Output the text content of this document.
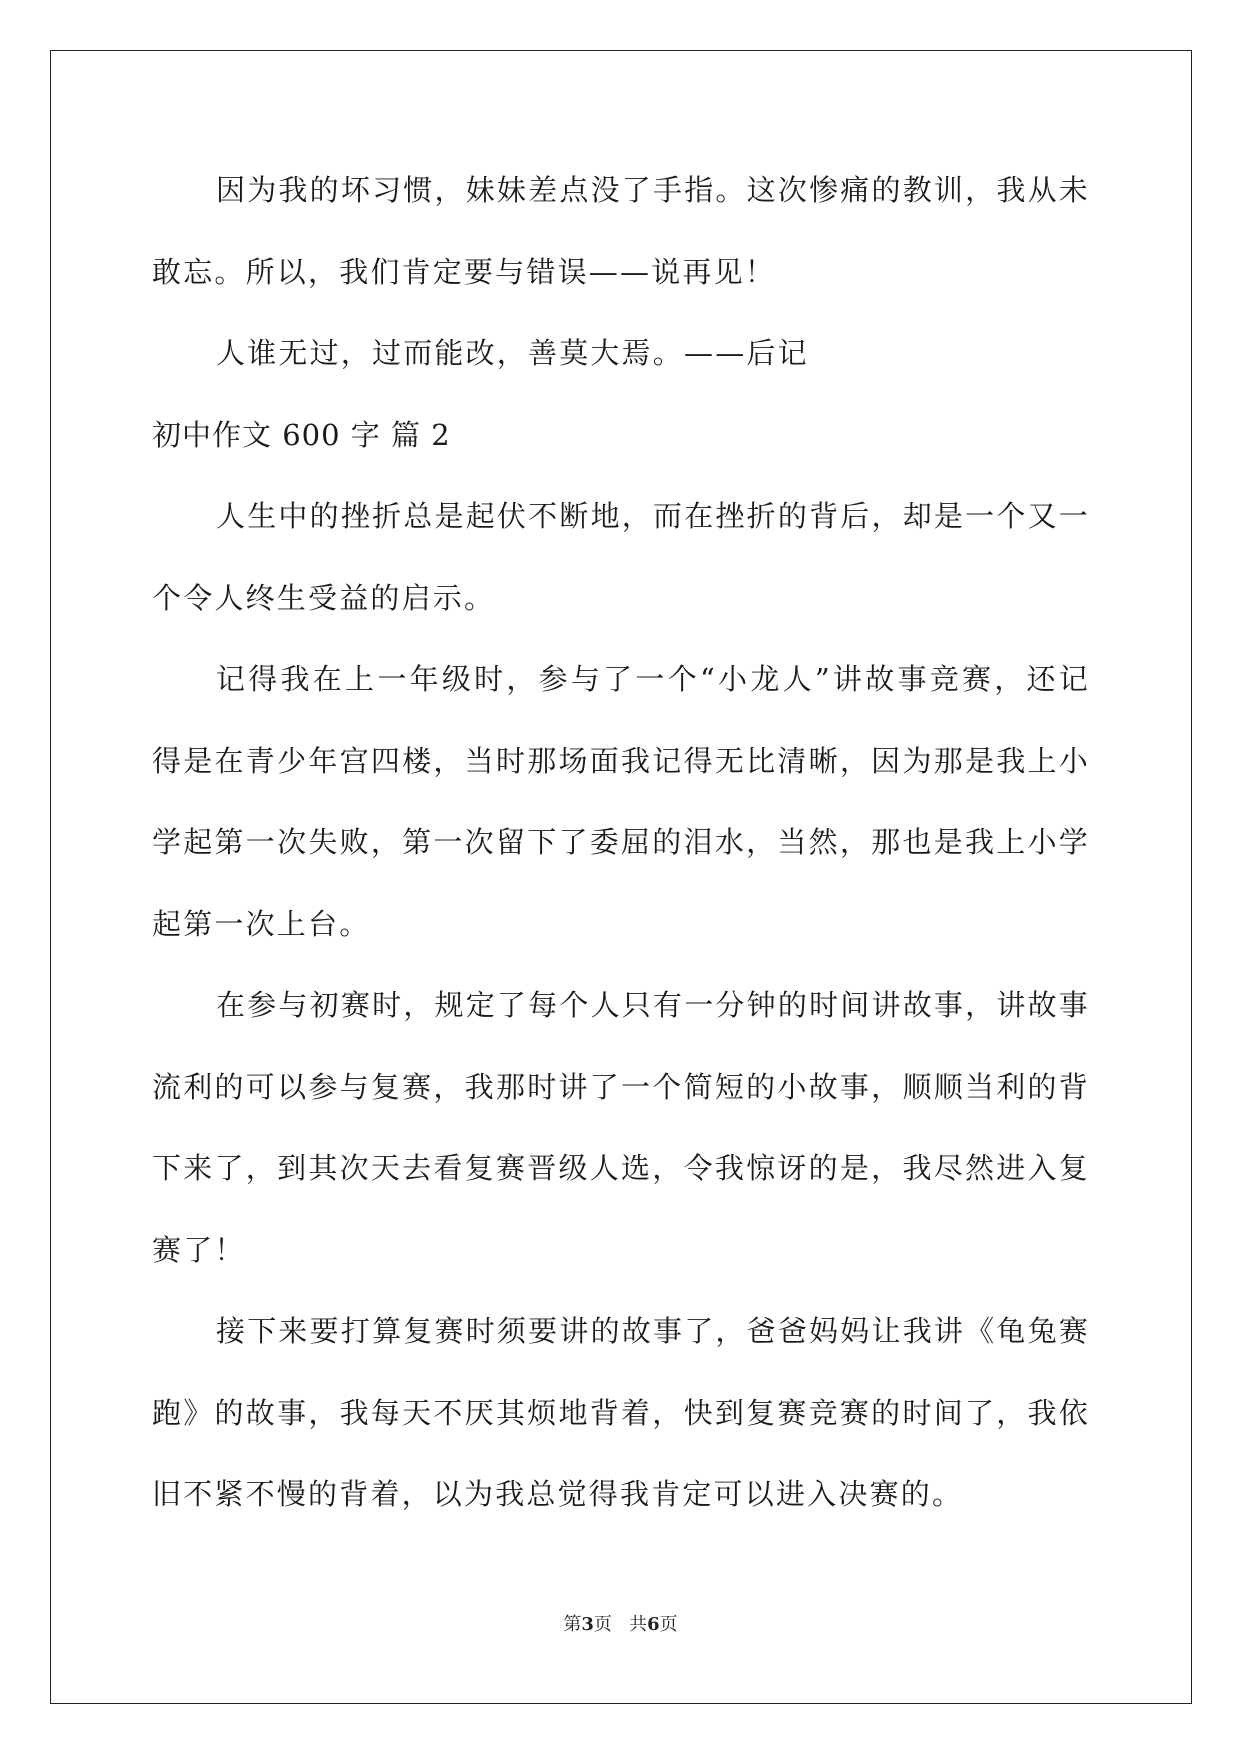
因为我的坏习惯，妹妹差点没了手指。这次惨痛的教训，我从未敢忘。所以，我们肯定要与错误——说再见！

人谁无过，过而能改，善莫大焉。——后记

初中作文 600 字 篇 2

人生中的挫折总是起伏不断地，而在挫折的背后，却是一个又一个令人终生受益的启示。

记得我在上一年级时，参与了一个“小龙人”讲故事竞赛，还记得是在青少年宫四楼，当时那场面我记得无比清晰，因为那是我上小学起第一次失败，第一次留下了委屈的泪水，当然，那也是我上小学起第一次上台。

在参与初赛时，规定了每个人只有一分钟的时间讲故事，讲故事流利的可以参与复赛，我那时讲了一个简短的小故事，顺顺当利的背下来了，到其次天去看复赛晋级人选，令我惊讶的是，我尽然进入复赛了！

接下来要打算复赛时须要讲的故事了，爸爸妈妈让我讲《龟兔赛跑》的故事，我每天不厌其烦地背着，快到复赛竞赛的时间了，我依旧不紧不慢的背着，以为我总觉得我肯定可以进入决赛的。

第3页   共6页
